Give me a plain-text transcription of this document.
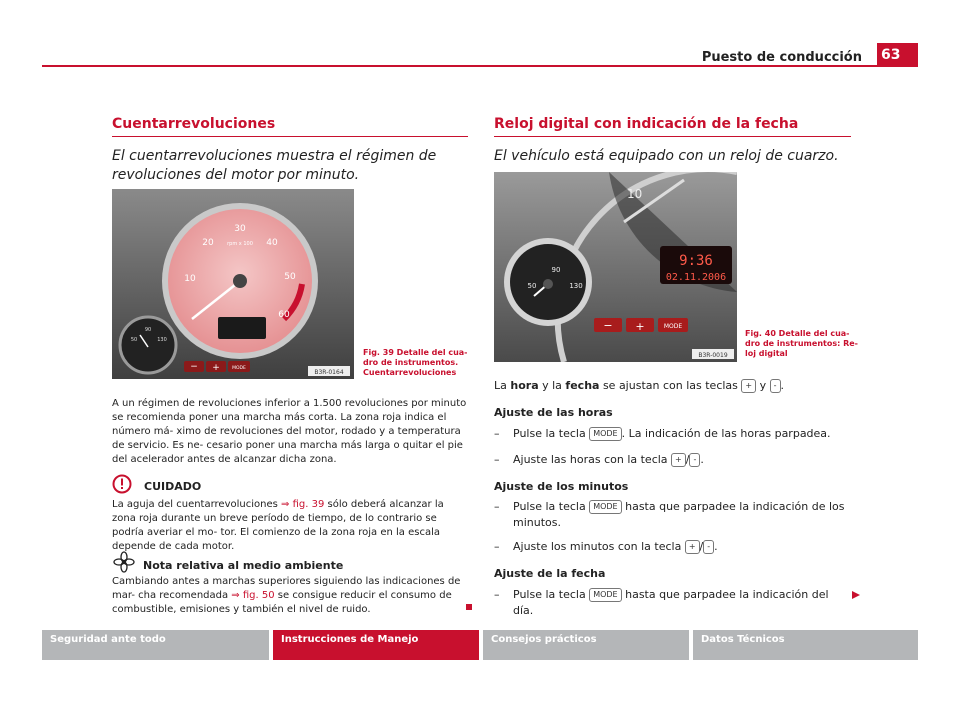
Puesto de conducción 63
Cuentarrevoluciones

El cuentarrevoluciones muestra el régimen de revoluciones del motor por minuto.

10
20
30
40
50
60
rpm x 100
50
90
130
− +	MODE
B3R-0164
Fig. 39 Detalle del cua-
dro de instrumentos.
Cuentarrevoluciones
A un régimen de revoluciones inferior a 1.500 revoluciones por minuto se recomienda poner una marcha más corta. La zona roja indica el número má- ximo de revoluciones del motor, rodado y a temperatura de servicio. Es ne- cesario poner una marcha más larga o quitar el pie del acelerador antes de alcanzar dicha zona.
CUIDADO
La aguja del cuentarrevoluciones ⇒ fig. 39 sólo deberá alcanzar la zona roja durante un breve período de tiempo, de lo contrario se podría averiar el mo- tor. El comienzo de la zona roja en la escala depende de cada motor.
Nota relativa al medio ambiente
Cambiando antes a marchas superiores siguiendo las indicaciones de mar- cha recomendada ⇒ fig. 50 se consigue reducir el consumo de combustible, emisiones y también el nivel de ruido.
Reloj digital con indicación de la fecha

El vehículo está equipado con un reloj de cuarzo.

10
9:36
02.11.2006
50
90
130
− +	MODE
B3R-0019
Fig. 40 Detalle del cua-
dro de instrumentos: Re-
loj digital
La hora y la fecha se ajustan con las teclas + y - .
Ajuste de las horas
– Pulse la tecla MODE . La indicación de las horas parpadea.
– Ajuste las horas con la tecla + / - .
Ajuste de los minutos
– Pulse la tecla MODE hasta que parpadee la indicación de los
minutos.
– Ajuste los minutos con la tecla + / - .
Ajuste de la fecha
– Pulse la tecla MODE hasta que parpadee la indicación del día.
Seguridad ante todo	Instrucciones de Manejo	Consejos prácticos	Datos Técnicos
